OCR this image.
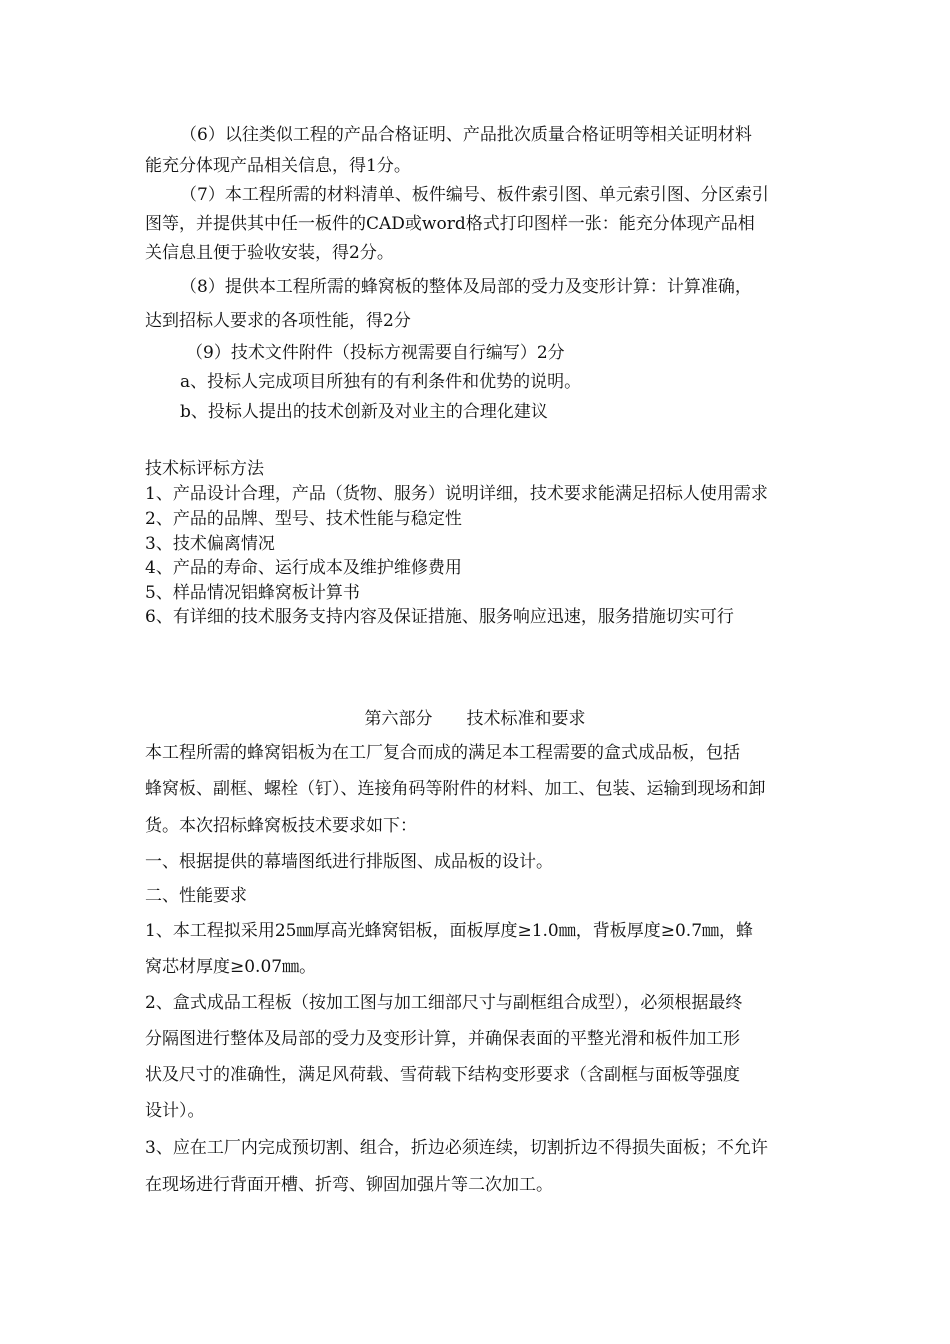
（6）以往类似工程的产品合格证明、产品批次质量合格证明等相关证明材料
能充分体现产品相关信息，得1分。
（7）本工程所需的材料清单、板件编号、板件索引图、单元索引图、分区索引
图等，并提供其中任一板件的CAD或word格式打印图样一张：能充分体现产品相
关信息且便于验收安装，得2分。
（8）提供本工程所需的蜂窝板的整体及局部的受力及变形计算：计算准确，
达到招标人要求的各项性能，得2分
（9）技术文件附件（投标方视需要自行编写）2分
a、投标人完成项目所独有的有利条件和优势的说明。
b、投标人提出的技术创新及对业主的合理化建议
技术标评标方法
1、产品设计合理，产品（货物、服务）说明详细，技术要求能满足招标人使用需求
2、产品的品牌、型号、技术性能与稳定性
3、技术偏离情况
4、产品的寿命、运行成本及维护维修费用
5、样品情况铝蜂窝板计算书
6、有详细的技术服务支持内容及保证措施、服务响应迅速，服务措施切实可行
第六部分　　技术标准和要求
本工程所需的蜂窝铝板为在工厂复合而成的满足本工程需要的盒式成品板，包括
蜂窝板、副框、螺栓（钉）、连接角码等附件的材料、加工、包装、运输到现场和卸
货。本次招标蜂窝板技术要求如下：
一、根据提供的幕墙图纸进行排版图、成品板的设计。
二、性能要求
1、本工程拟采用25㎜厚高光蜂窝铝板，面板厚度≥1.0㎜，背板厚度≥0.7㎜，蜂
窝芯材厚度≥0.07㎜。
2、盒式成品工程板（按加工图与加工细部尺寸与副框组合成型），必须根据最终
分隔图进行整体及局部的受力及变形计算，并确保表面的平整光滑和板件加工形
状及尺寸的准确性，满足风荷载、雪荷载下结构变形要求（含副框与面板等强度
设计）。
3、应在工厂内完成预切割、组合，折边必须连续，切割折边不得损失面板；不允许
在现场进行背面开槽、折弯、铆固加强片等二次加工。
